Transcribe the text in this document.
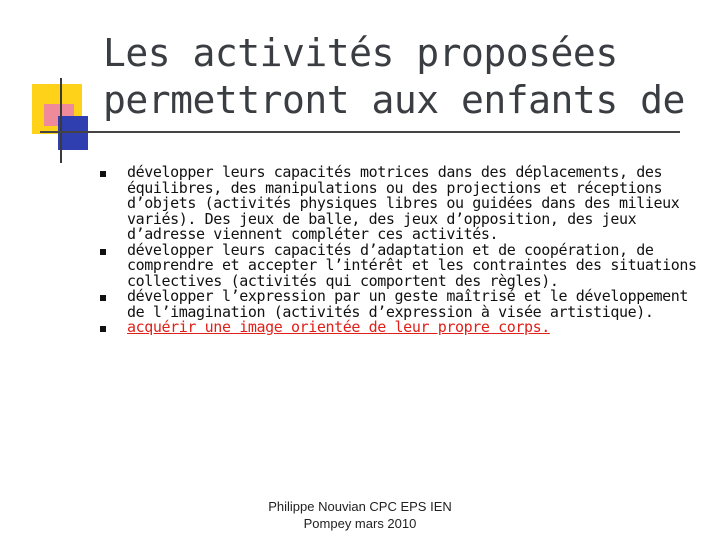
Les activités proposées
permettront aux enfants de
développer leurs capacités motrices dans des déplacements, des équilibres, des manipulations ou des projections et réceptions d’objets (activités physiques libres ou guidées dans des milieux variés). Des jeux de balle, des jeux d’opposition, des jeux d’adresse viennent compléter ces activités.
développer leurs capacités d’adaptation et de coopération, de comprendre et accepter l’intérêt et les contraintes des situations collectives (activités qui comportent des règles).
développer l’expression par un geste maîtrisé et le développement de l’imagination (activités d’expression à visée artistique).
acquérir une image orientée de leur propre corps.
Philippe Nouvian CPC EPS IEN
Pompey mars 2010
